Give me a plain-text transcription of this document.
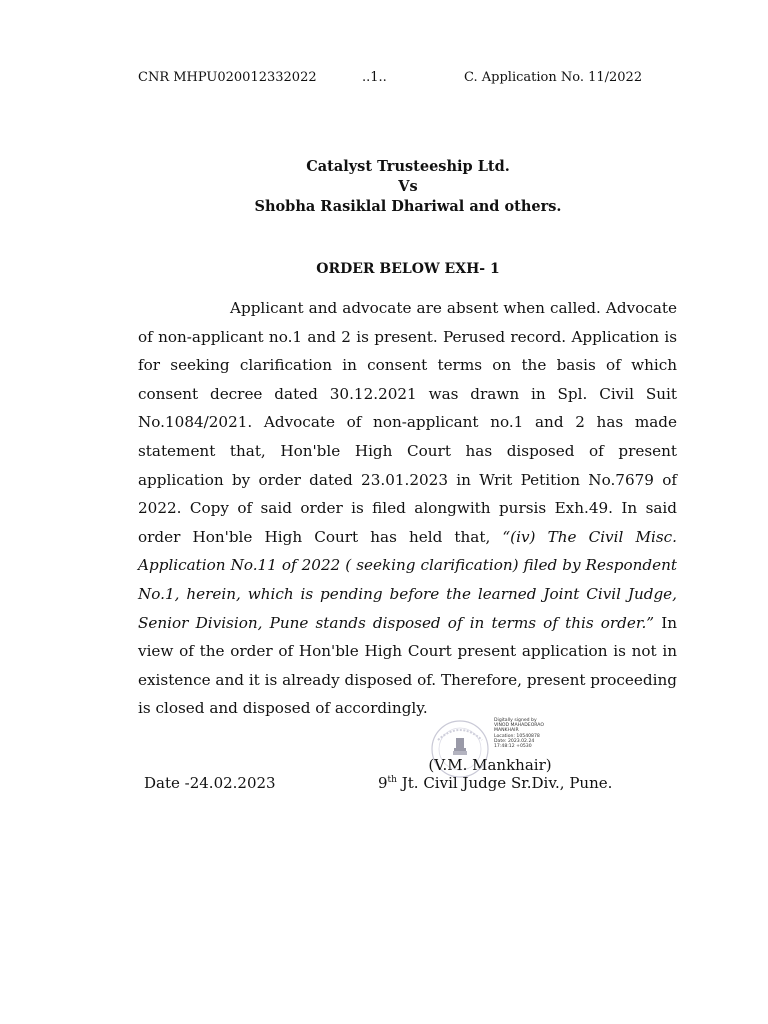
CNR MHPU020012332022	..1..	C. Application No. 11/2022
Catalyst Trusteeship Ltd.
Vs
Shobha Rasiklal Dhariwal and others.
ORDER BELOW EXH- 1

Applicant and advocate are absent when called. Advocate of non-applicant no.1 and 2 is present. Perused record. Application is for seeking clarification in consent terms on the basis of which consent decree dated 30.12.2021 was drawn in Spl. Civil Suit No.1084/2021. Advocate of non-applicant no.1 and 2 has made statement that, Hon'ble High Court has disposed of present application by order dated 23.01.2023 in Writ Petition No.7679 of 2022. Copy of said order is filed alongwith pursis Exh.49. In said order Hon'ble High Court has held that, “(iv) The Civil Misc. Application No.11 of 2022 ( seeking clarification) filed by Respondent No.1, herein, which is pending before the learned Joint Civil Judge, Senior Division, Pune stands disposed of in terms of this order.” In view of the order of Hon'ble High Court present application is not in existence and it is already disposed of. Therefore, present proceeding is closed and disposed of accordingly.

Digitally signed by
VINOD MAHADEORAO
MANKHAIR
Location: 10540878
Date: 2023.02.24
17:48:12 +0530
(V.M. Mankhair)
Date -24.02.2023	9th Jt. Civil Judge Sr.Div., Pune.
